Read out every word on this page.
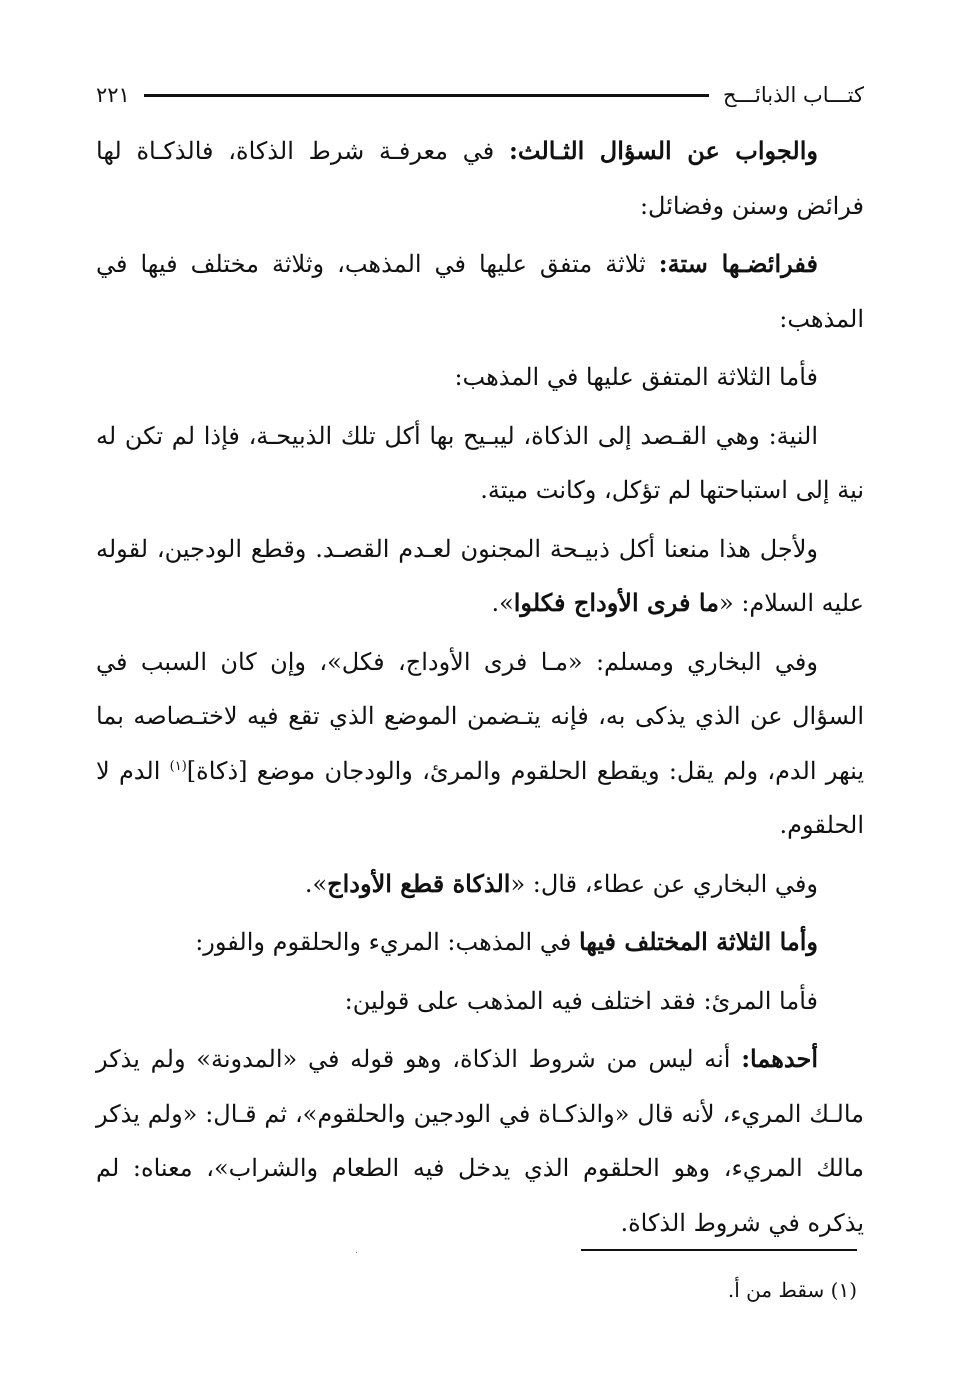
كتـــاب الذبائـــح
٢٢١

والجواب عن السؤال الثـالث: في معرفـة شرط الذكاة، فالذكـاة لها فرائض وسنن وفضائل:

ففرائضـها ستة: ثلاثة متفق عليها في المذهب، وثلاثة مختلف فيها في المذهب:

فأما الثلاثة المتفق عليها في المذهب:

النية: وهي القـصد إلى الذكاة، ليبـيح بها أكل تلك الذبيحـة، فإذا لم تكن له نية إلى استباحتها لم تؤكل، وكانت ميتة.

ولأجل هذا منعنا أكل ذبيـحة المجنون لعـدم القصـد. وقطع الودجين، لقوله عليه السلام: «ما فرى الأوداج فكلوا».

وفي البخاري ومسلم: «مـا فرى الأوداج، فكل»، وإن كان السبب في السؤال عن الذي يذكى به، فإنه يتـضمن الموضع الذي تقع فيه لاختـصاصه بما ينهر الدم، ولم يقل: ويقطع الحلقوم والمرئ، والودجان موضع [ذكاة]$^{(١)}$ الدم لا الحلقوم.

وفي البخاري عن عطاء، قال: «الذكاة قطع الأوداج».

وأما الثلاثة المختلف فيها في المذهب: المريء والحلقوم والفور:

فأما المرئ: فقد اختلف فيه المذهب على قولين:

أحدهما: أنه ليس من شروط الذكاة، وهو قوله في «المدونة» ولم يذكر مالـك المريء، لأنه قال «والذكـاة في الودجين والحلقوم»، ثم قـال: «ولم يذكر مالك المريء، وهو الحلقوم الذي يدخل فيه الطعام والشراب»، معناه: لم يذكره في شروط الذكاة.

(١) سقط من أ.
